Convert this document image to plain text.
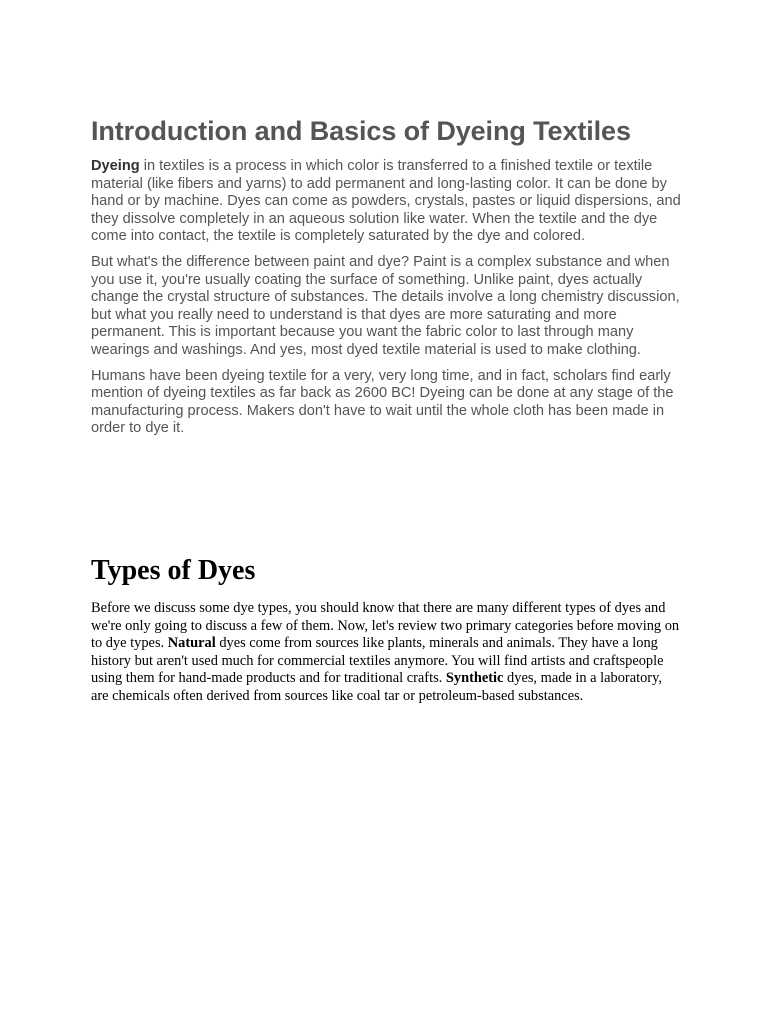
Introduction and Basics of Dyeing Textiles

Dyeing in textiles is a process in which color is transferred to a finished textile or textile material (like fibers and yarns) to add permanent and long-lasting color. It can be done by hand or by machine. Dyes can come as powders, crystals, pastes or liquid dispersions, and they dissolve completely in an aqueous solution like water. When the textile and the dye come into contact, the textile is completely saturated by the dye and colored.

But what's the difference between paint and dye? Paint is a complex substance and when you use it, you're usually coating the surface of something. Unlike paint, dyes actually change the crystal structure of substances. The details involve a long chemistry discussion, but what you really need to understand is that dyes are more saturating and more permanent. This is important because you want the fabric color to last through many wearings and washings. And yes, most dyed textile material is used to make clothing.

Humans have been dyeing textile for a very, very long time, and in fact, scholars find early mention of dyeing textiles as far back as 2600 BC! Dyeing can be done at any stage of the manufacturing process. Makers don't have to wait until the whole cloth has been made in order to dye it.

Types of Dyes

Before we discuss some dye types, you should know that there are many different types of dyes and we're only going to discuss a few of them. Now, let's review two primary categories before moving on to dye types. Natural dyes come from sources like plants, minerals and animals. They have a long history but aren't used much for commercial textiles anymore. You will find artists and craftspeople using them for hand-made products and for traditional crafts. Synthetic dyes, made in a laboratory, are chemicals often derived from sources like coal tar or petroleum-based substances.
